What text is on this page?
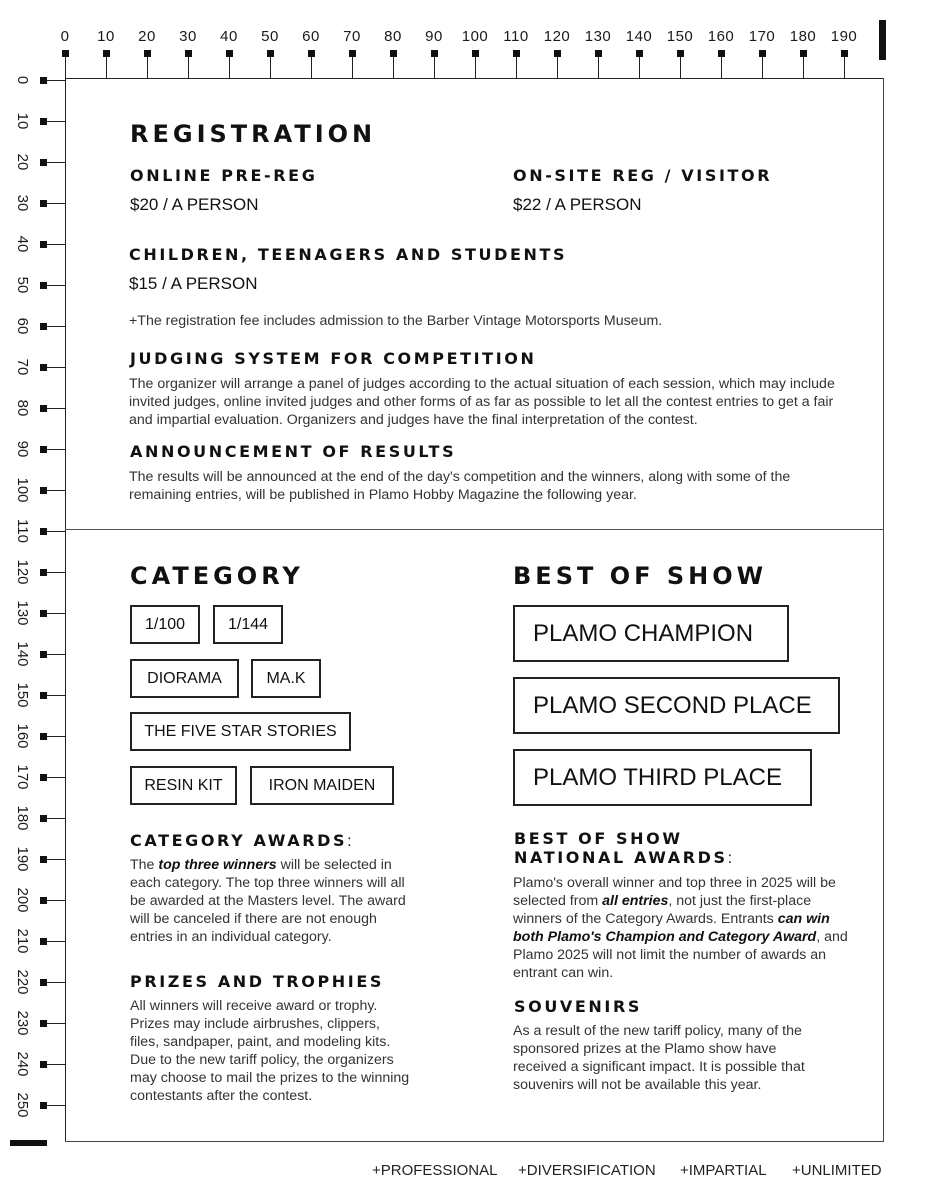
0	10	20	30	40	50	60	70	80	90	100	110	120 130 140 150 160 170 180 190
0
10
20
30
40
50
60
70
80
90
100
110
120
130
140
150
160
170
180
190
200
210
220
230
240
250
REGISTRATION
ONLINE PRE-REG
$20 / A PERSON
ON-SITE REG / VISITOR
$22 / A PERSON
CHILDREN, TEENAGERS AND STUDENTS
$15 / A PERSON
+The registration fee includes admission to the Barber Vintage Motorsports Museum.
JUDGING SYSTEM FOR COMPETITION
The organizer will arrange a panel of judges according to the actual situation of each session, which may include invited judges, online invited judges and other forms of as far as possible to let all the contest entries to get a fair and impartial evaluation. Organizers and judges have the final interpretation of the contest.
ANNOUNCEMENT OF RESULTS
The results will be announced at the end of the day's competition and the winners, along with some of the remaining entries, will be published in Plamo Hobby Magazine the following year.
CATEGORY
1/100	1/144
DIORAMA	MA.K
THE FIVE STAR STORIES
RESIN KIT	IRON MAIDEN
CATEGORY AWARDS:
The top three winners will be selected in each category. The top three winners will all be awarded at the Masters level. The award will be canceled if there are not enough entries in an individual category.
PRIZES AND TROPHIES
All winners will receive award or trophy. Prizes may include airbrushes, clippers, files, sandpaper, paint, and modeling kits. Due to the new tariff policy, the organizers may choose to mail the prizes to the winning contestants after the contest.
BEST OF SHOW
PLAMO CHAMPION
PLAMO SECOND PLACE
PLAMO THIRD PLACE
BEST OF SHOW
NATIONAL AWARDS:
Plamo's overall winner and top three in 2025 will be selected from all entries, not just the first-place winners of the Category Awards. Entrants can win both Plamo's Champion and Category Award, and Plamo 2025 will not limit the number of awards an entrant can win.
SOUVENIRS
As a result of the new tariff policy, many of the sponsored prizes at the Plamo show have received a significant impact. It is possible that souvenirs will not be available this year.
+PROFESSIONAL +DIVERSIFICATION +IMPARTIAL +UNLIMITED
